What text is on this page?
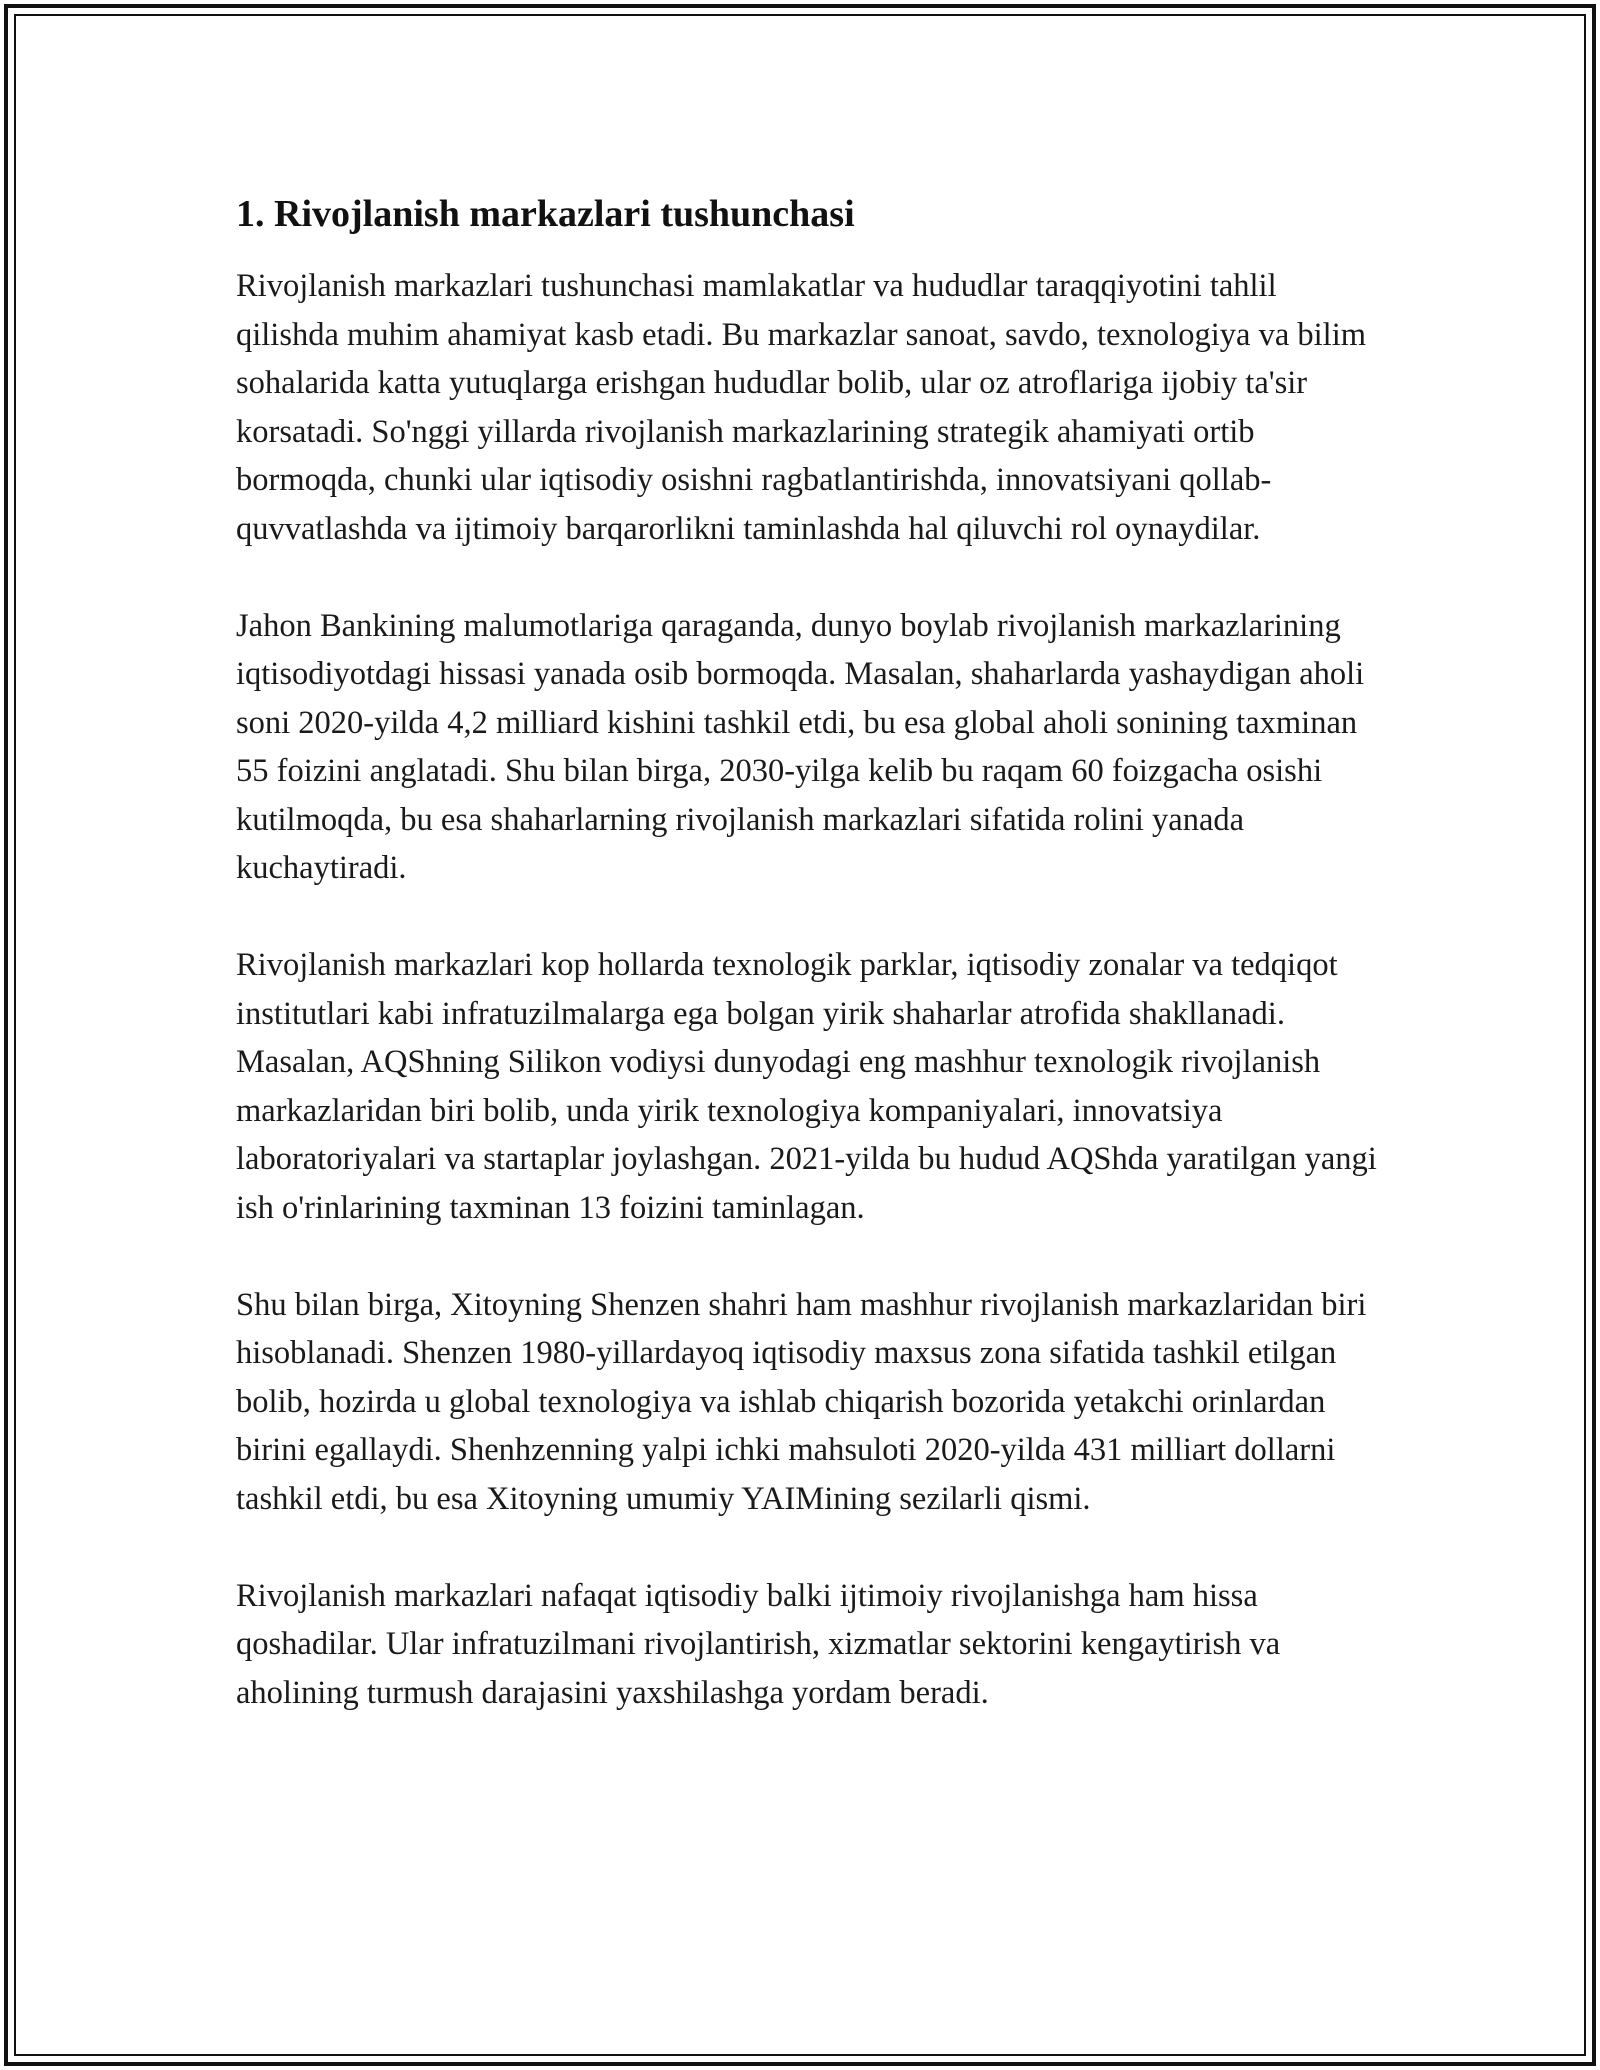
1. Rivojlanish markazlari tushunchasi

Rivojlanish markazlari tushunchasi mamlakatlar va hududlar taraqqiyotini tahlil qilishda muhim ahamiyat kasb etadi. Bu markazlar sanoat, savdo, texnologiya va bilim sohalarida katta yutuqlarga erishgan hududlar bolib, ular oz atroflariga ijobiy ta'sir korsatadi. So'nggi yillarda rivojlanish markazlarining strategik ahamiyati ortib bormoqda, chunki ular iqtisodiy osishni ragbatlantirishda, innovatsiyani qollab-quvvatlashda va ijtimoiy barqarorlikni taminlashda hal qiluvchi rol oynaydilar.

Jahon Bankining malumotlariga qaraganda, dunyo boylab rivojlanish markazlarining iqtisodiyotdagi hissasi yanada osib bormoqda. Masalan, shaharlarda yashaydigan aholi soni 2020-yilda 4,2 milliard kishini tashkil etdi, bu esa global aholi sonining taxminan 55 foizini anglatadi. Shu bilan birga, 2030-yilga kelib bu raqam 60 foizgacha osishi kutilmoqda, bu esa shaharlarning rivojlanish markazlari sifatida rolini yanada kuchaytiradi.

Rivojlanish markazlari kop hollarda texnologik parklar, iqtisodiy zonalar va tedqiqot institutlari kabi infratuzilmalarga ega bolgan yirik shaharlar atrofida shakllanadi. Masalan, AQShning Silikon vodiysi dunyodagi eng mashhur texnologik rivojlanish markazlaridan biri bolib, unda yirik texnologiya kompaniyalari, innovatsiya laboratoriyalari va startaplar joylashgan. 2021-yilda bu hudud AQShda yaratilgan yangi ish o'rinlarining taxminan 13 foizini taminlagan.

Shu bilan birga, Xitoyning Shenzen shahri ham mashhur rivojlanish markazlaridan biri hisoblanadi. Shenzen 1980-yillardayoq iqtisodiy maxsus zona sifatida tashkil etilgan bolib, hozirda u global texnologiya va ishlab chiqarish bozorida yetakchi orinlardan birini egallaydi. Shenhzenning yalpi ichki mahsuloti 2020-yilda 431 milliart dollarni tashkil etdi, bu esa Xitoyning umumiy YAIMining sezilarli qismi.

Rivojlanish markazlari nafaqat iqtisodiy balki ijtimoiy rivojlanishga ham hissa qoshadilar. Ular infratuzilmani rivojlantirish, xizmatlar sektorini kengaytirish va aholining turmush darajasini yaxshilashga yordam beradi.
